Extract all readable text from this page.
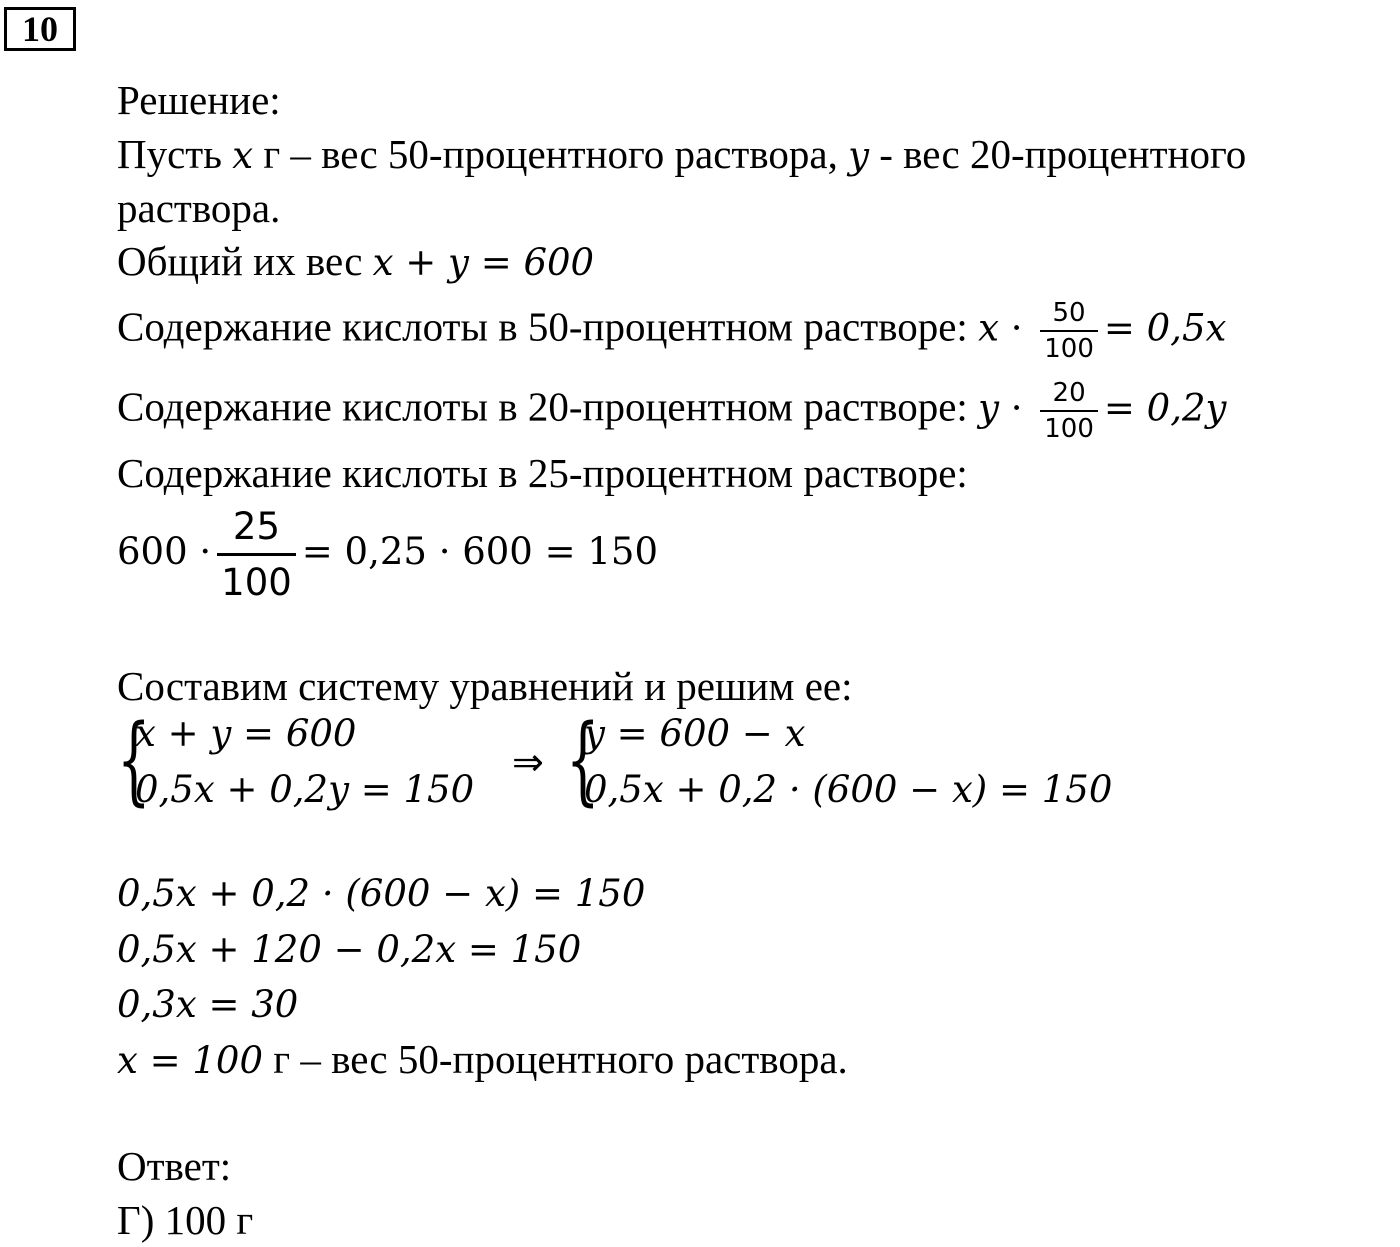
10
Решение:
Пусть x г – вес 50-процентного раствора, y - вес 20-процентного
раствора.
Общий их вес x + y = 600
Содержание кислоты в 50-процентном растворе: $x \cdot \frac{50}{100} = 0,5x$
Содержание кислоты в 20-процентном растворе: $y \cdot \frac{20}{100} = 0,2y$
Содержание кислоты в 25-процентном растворе:
$600 \cdot \frac{25}{100} = 0,25 \cdot 600 = 150$
Составим систему уравнений и решим ее:
{
x + y = 600
0,5x + 0,2y = 150
⇒ {
y = 600 − x
0,5x + 0,2 · (600 − x) = 150
0,5x + 0,2 · (600 − x) = 150
0,5x + 120 − 0,2x = 150
0,3x = 30
x = 100 г – вес 50-процентного раствора.
Ответ:
Г) 100 г
